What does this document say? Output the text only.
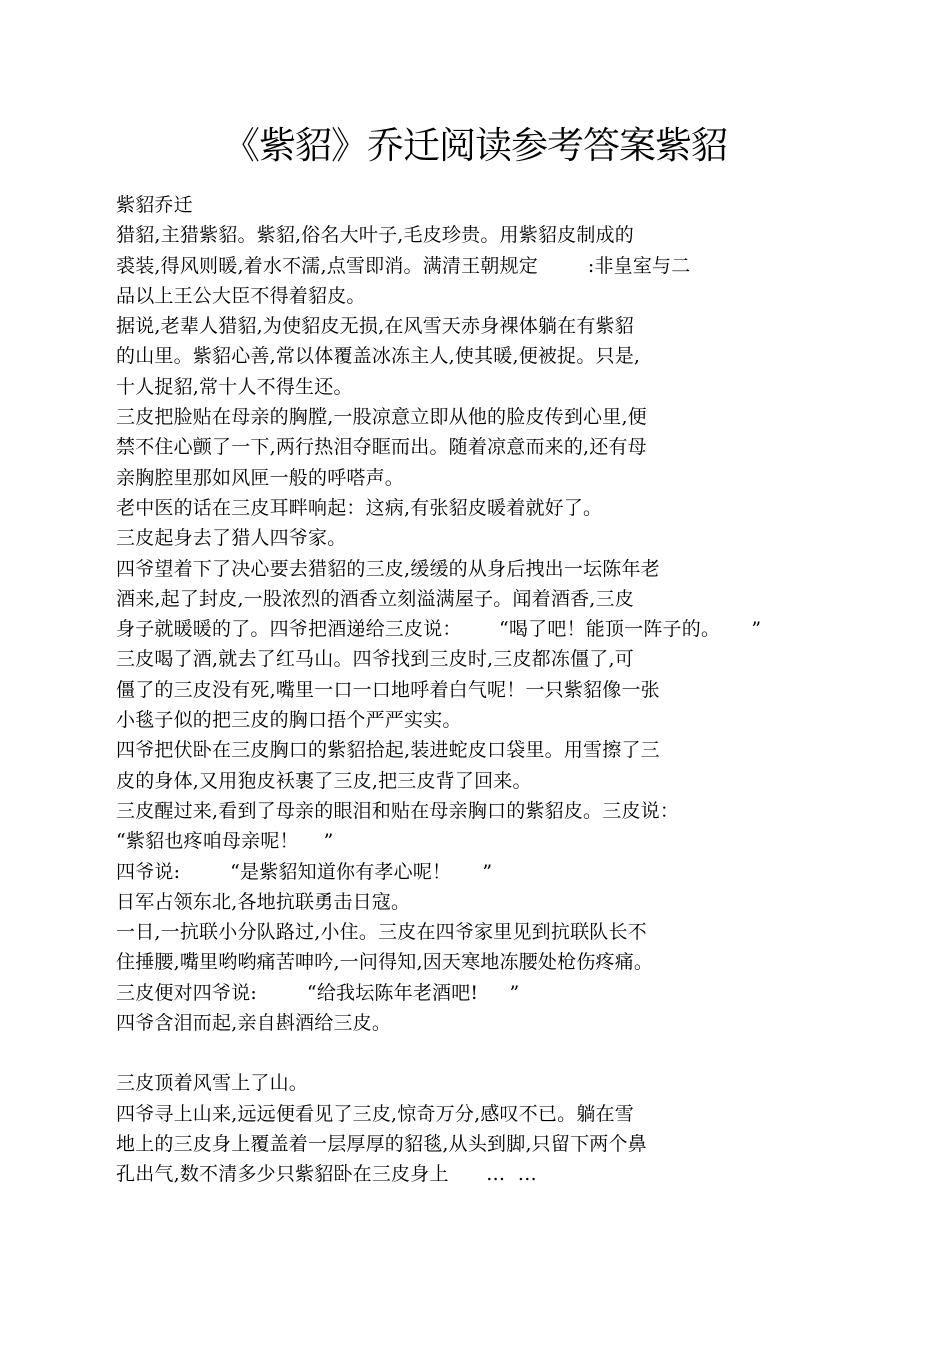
《紫貂》乔迁阅读参考答案紫貂
紫貂乔迁
猎貂,主猎紫貂。紫貂,俗名大叶子,毛皮珍贵。用紫貂皮制成的
裘装,得风则暖,着水不濡,点雪即消。满清王朝规定        :非皇室与二
品以上王公大臣不得着貂皮。
据说,老辈人猎貂,为使貂皮无损,在风雪天赤身裸体躺在有紫貂
的山里。紫貂心善,常以体覆盖冰冻主人,使其暖,便被捉。只是,
十人捉貂,常十人不得生还。
三皮把脸贴在母亲的胸膛,一股凉意立即从他的脸皮传到心里,便
禁不住心颤了一下,两行热泪夺眶而出。随着凉意而来的,还有母
亲胸腔里那如风匣一般的呼嗒声。
老中医的话在三皮耳畔响起：这病,有张貂皮暖着就好了。
三皮起身去了猎人四爷家。
四爷望着下了决心要去猎貂的三皮,缓缓的从身后拽出一坛陈年老
酒来,起了封皮,一股浓烈的酒香立刻溢满屋子。闻着酒香,三皮
身子就暖暖的了。四爷把酒递给三皮说：      “喝了吧！能顶一阵子的。     ”
三皮喝了酒,就去了红马山。四爷找到三皮时,三皮都冻僵了,可
僵了的三皮没有死,嘴里一口一口地呼着白气呢！一只紫貂像一张
小毯子似的把三皮的胸口捂个严严实实。
四爷把伏卧在三皮胸口的紫貂拾起,装进蛇皮口袋里。用雪擦了三
皮的身体,又用狍皮袄裹了三皮,把三皮背了回来。
三皮醒过来,看到了母亲的眼泪和贴在母亲胸口的紫貂皮。三皮说：
“紫貂也疼咱母亲呢！    ”
四爷说:        “是紫貂知道你有孝心呢！     ”
日军占领东北,各地抗联勇击日寇。
一日,一抗联小分队路过,小住。三皮在四爷家里见到抗联队长不
住捶腰,嘴里哟哟痛苦呻吟,一问得知,因天寒地冻腰处枪伤疼痛。
三皮便对四爷说:        “给我坛陈年老酒吧!     ”
四爷含泪而起,亲自斟酒给三皮。
三皮顶着风雪上了山。
四爷寻上山来,远远便看见了三皮,惊奇万分,感叹不已。躺在雪
地上的三皮身上覆盖着一层厚厚的貂毯,从头到脚,只留下两个鼻
孔出气,数不清多少只紫貂卧在三皮身上      …  …
